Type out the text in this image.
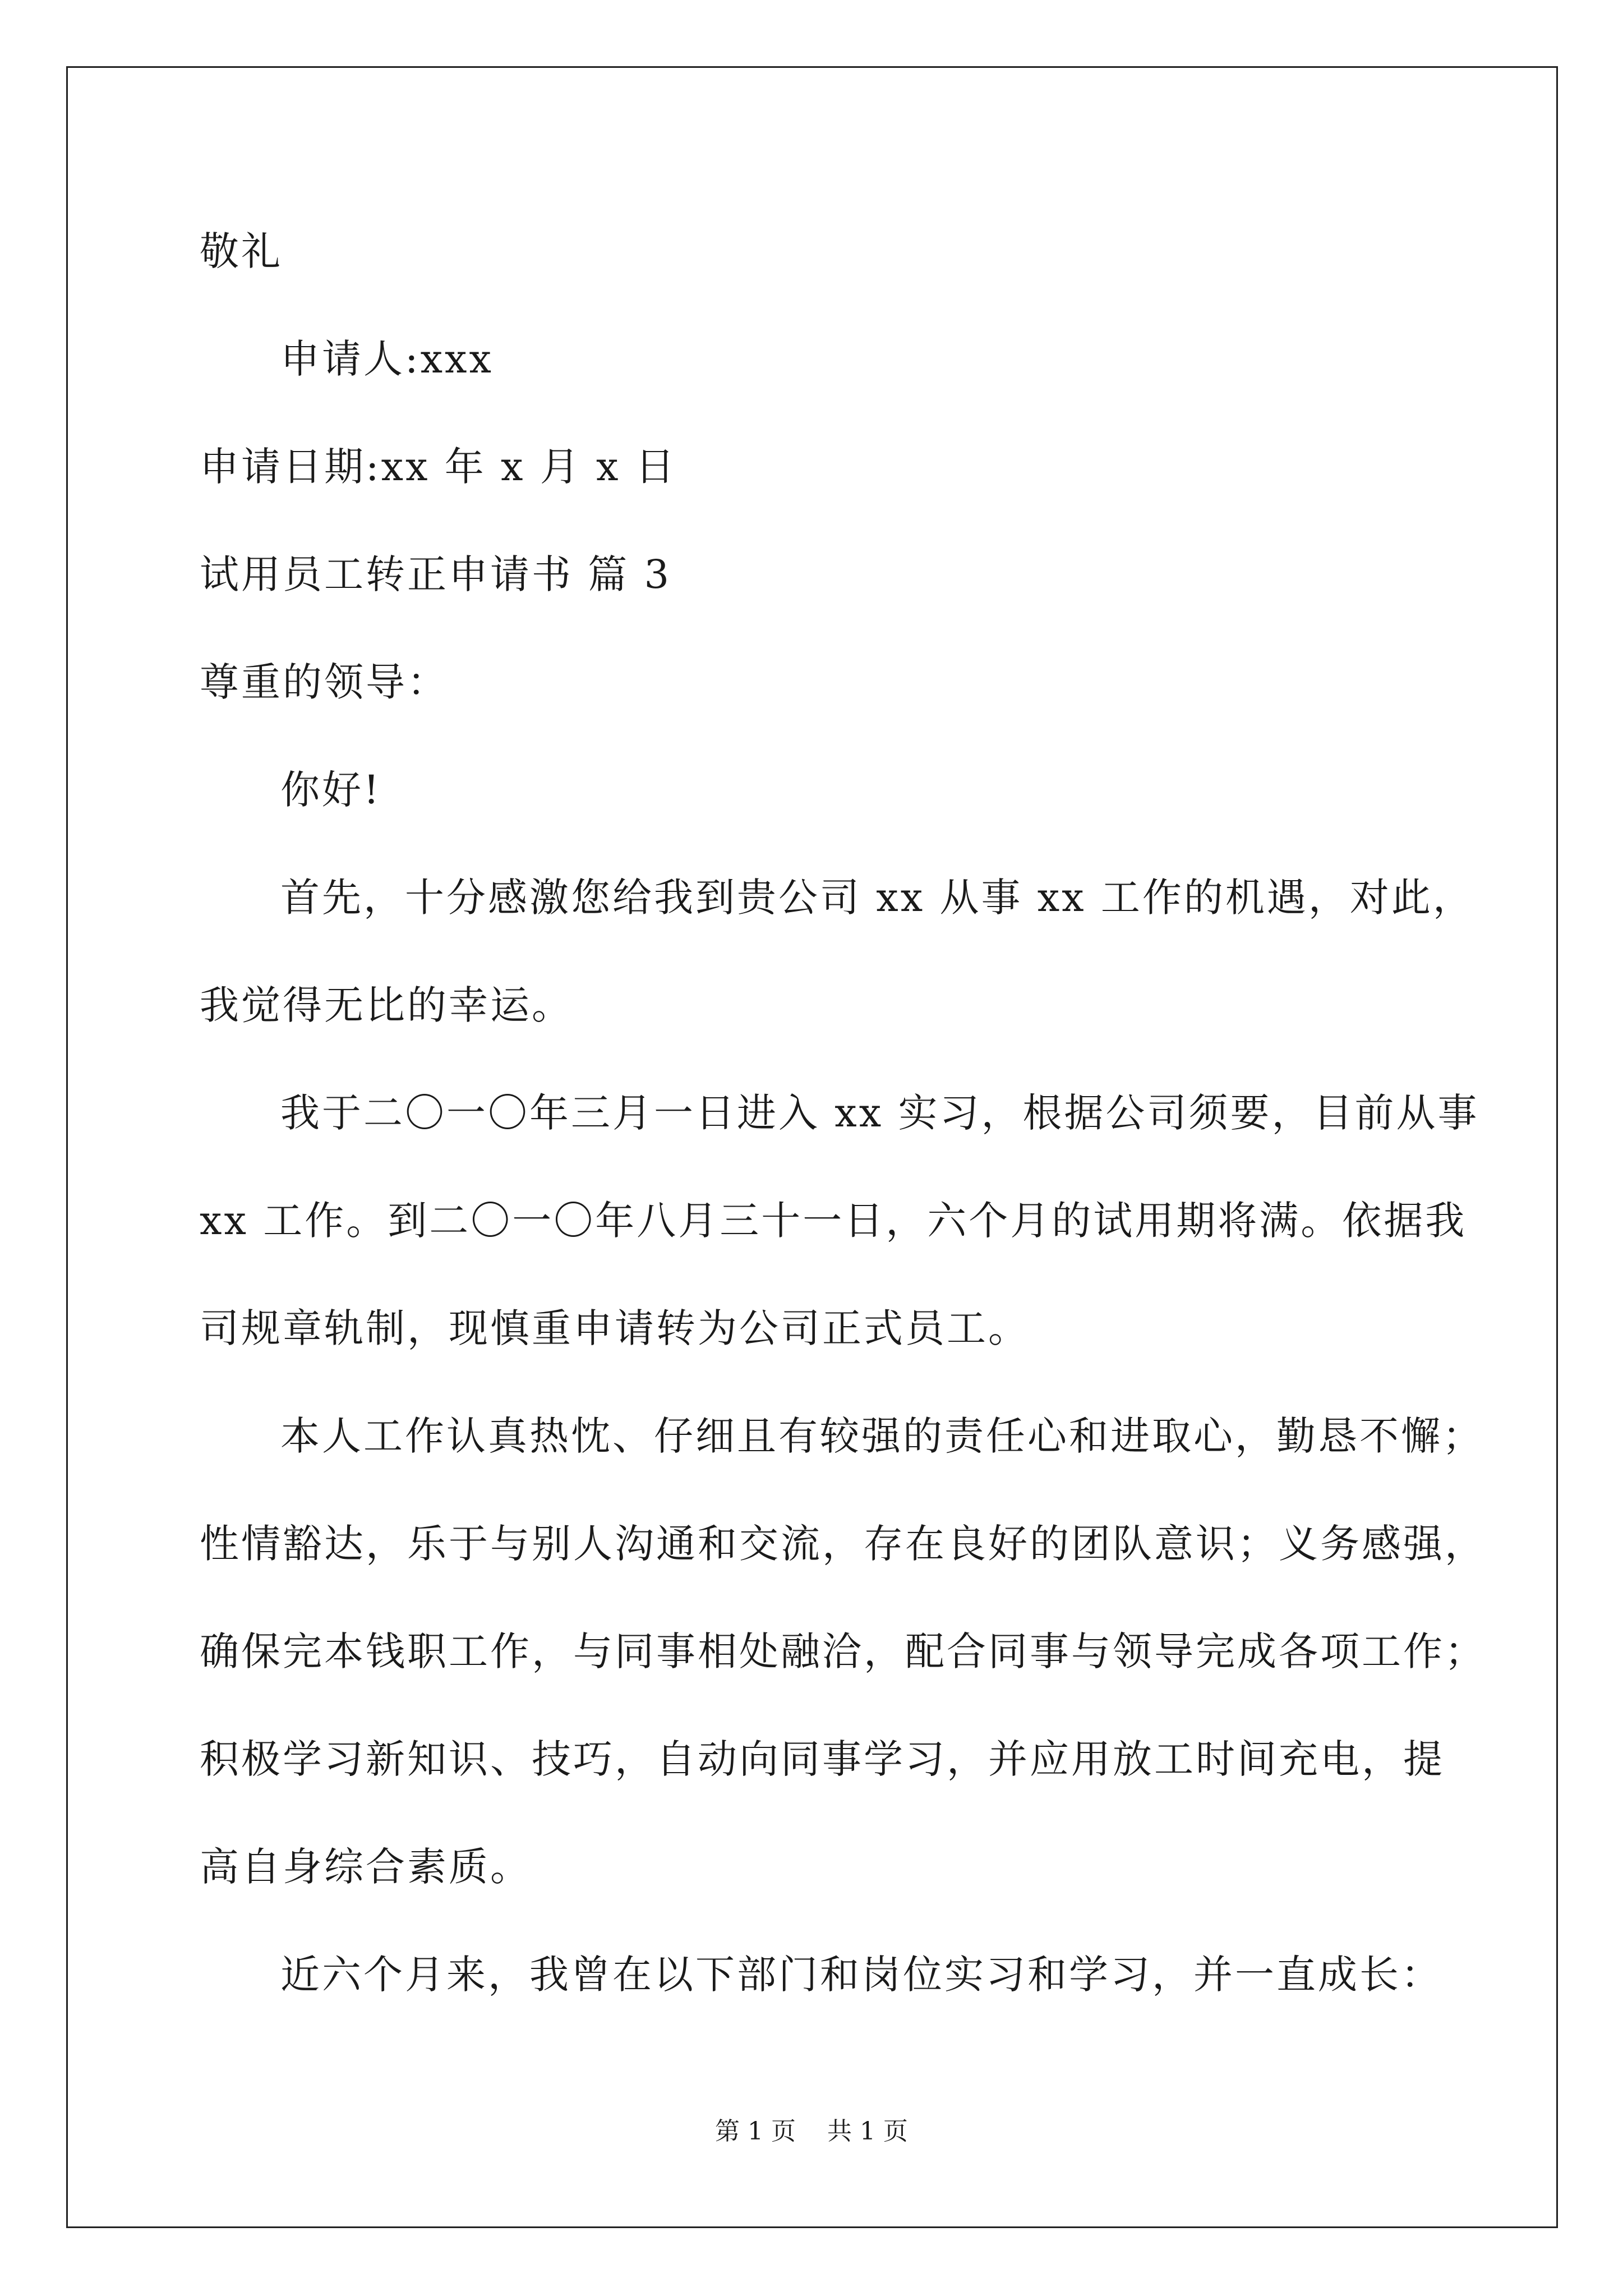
敬礼
申请人:xxx
申请日期:xx 年 x 月 x 日
试用员工转正申请书 篇 3
尊重的领导：
你好!
首先，十分感激您给我到贵公司 xx 从事 xx 工作的机遇，对此，
我觉得无比的幸运。
我于二〇一〇年三月一日进入 xx 实习，根据公司须要，目前从事
xx 工作。到二〇一〇年八月三十一日，六个月的试用期将满。依据我
司规章轨制，现慎重申请转为公司正式员工。
本人工作认真热忱、仔细且有较强的责任心和进取心，勤恳不懈；
性情豁达，乐于与别人沟通和交流，存在良好的团队意识；义务感强，
确保完本钱职工作，与同事相处融洽，配合同事与领导完成各项工作；
积极学习新知识、技巧，自动向同事学习，并应用放工时间充电，提
高自身综合素质。
近六个月来，我曾在以下部门和岗位实习和学习，并一直成长：
第 1 页    共 1 页
